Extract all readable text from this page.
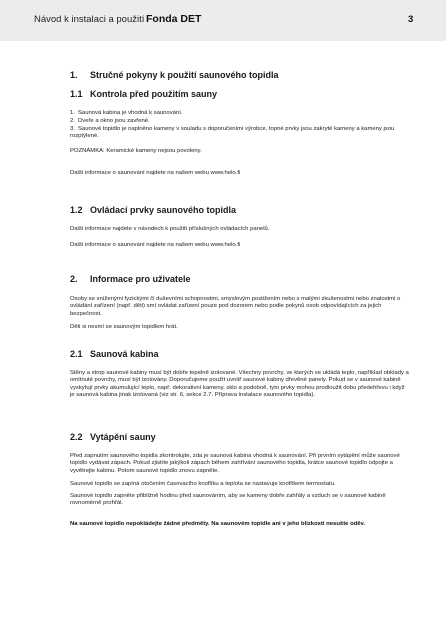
Návod k instalaci a použití Fonda DET	3
1. Stručné pokyny k použití saunového topidla
1.1 Kontrola před použitím sauny
1. Saunová kabina je vhodná k saunování.
2. Dveře a okno jsou zavřené.
3. Saunové topidlo je naplněno kameny v souladu s doporučeními výrobce, topné prvky jsou zakryté kameny a kameny jsou rozptýlené.
POZNÁMKA: Keramické kameny nejsou povoleny.
Další informace o saunování najdete na našem webu www.helo.fi
1.2 Ovládací prvky saunového topidla
Další informace najdete v návodech k použití příslušných ovládacích panelů.
Další informace o saunování najdete na našem webu www.helo.fi
2. Informace pro uživatele
Osoby se sníženými fyzickými či duševními schopnostmi, smyslovým postižením nebo s malými zkušenostmi nebo znalostmi o ovládání zařízení (např. děti) smí ovládat zařízení pouze pod dozorem nebo podle pokynů osob odpovídajících za jejich bezpečnost.
Děti si nesmí se saunovým topidlem hrát.
2.1 Saunová kabina
Stěny a strop saunové kabiny musí být dobře tepelně izolované. Všechny povrchy, ve kterých se ukládá teplo, například obklady a omítnuté povrchy, musí být izolovány. Doporučujeme použít uvnitř saunové kabiny dřevěné panely. Pokud se v saunové kabině vyskytují prvky akumulující teplo, např. dekorativní kameny, sklo a podobně, tyto prvky mohou prodloužit dobu předehřevu i když je saunová kabina jinak izolovaná (viz str. 6, sekce 2.7. Příprava instalace saunového topidla).
2.2 Vytápění sauny
Před zapnutím saunového topidla zkontrolujte, zda je saunová kabina vhodná k saunování. Při prvním vytápění může saunové topidlo vydávat zápach. Pokud zjistíte jakýkoli zápach během zahřívání saunového topidla, krátce saunové topidlo odpojte a vyvětrejte kabinu. Potom saunové topidlo znovu zapněte.
Saunové topidlo se zapíná otočením časovacího knoflíku a teplota se nastavuje knoflíkem termostatu.
Saunové topidlo zapněte přibližně hodinu před saunováním, aby se kameny dobře zahřály a vzduch se v saunové kabině rovnoměrně prohřál.
Na saunové topidlo nepokládejte žádné předměty. Na saunovém topidle ani v jeho blízkosti nesušte oděv.
